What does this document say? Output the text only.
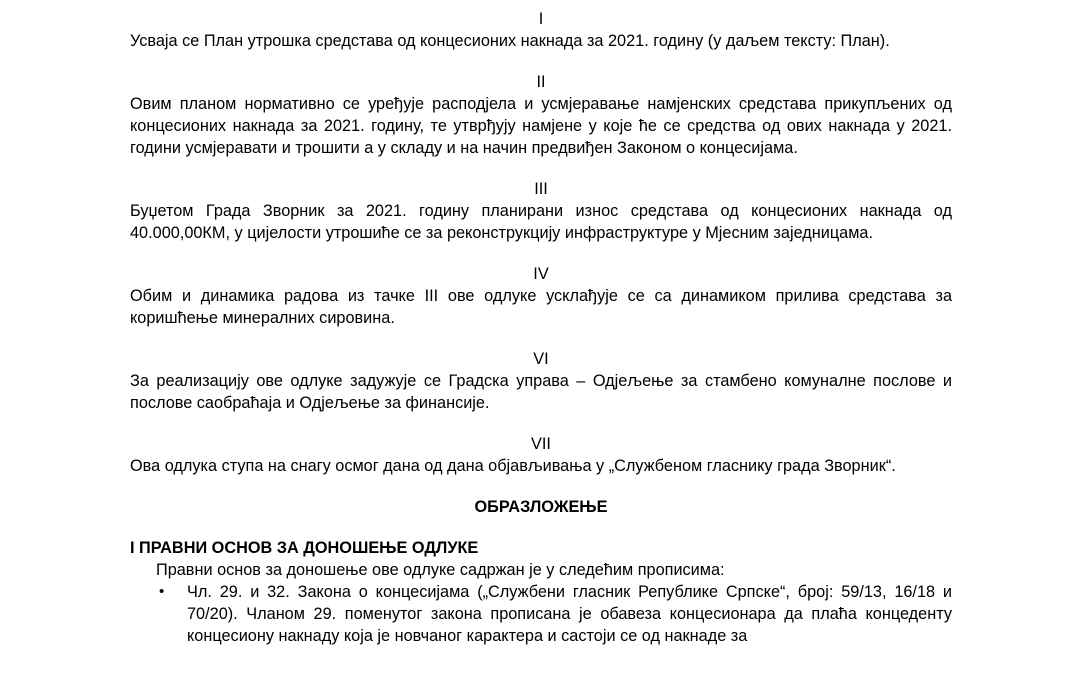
I
Усваја се План утрошка средстава од концесионих накнада за 2021. годину (у даљем тексту: План).
II
Овим планом нормативно се уређује расподјела и усмјеравање намјенских средстава прикупљених од концесионих накнада за 2021. годину, те утврђују намјене у које ће се средства од ових накнада у 2021. години усмјеравати и трошити а у складу и на начин предвиђен Законом о концесијама.
III
Буџетом Града Зворник за 2021. годину планирани износ средстава од концесионих накнада од 40.000,00КМ, у цијелости утрошиће се за реконструкцију инфраструктуре у Мјесним заједницама.
IV
Обим и динамика радова из тачке III ове одлуке усклађује се са динамиком прилива средстава за коришћење минералних сировина.
VI
За реализацију ове одлуке задужује се Градска управа – Одјељење за стамбено комуналне послове и послове саобраћаја и Одјељење за финансије.
VII
Ова одлука ступа на снагу осмог дана од дана објављивања у „Службеном гласнику града Зворник“.
ОБРАЗЛОЖЕЊЕ
I ПРАВНИ ОСНОВ ЗА ДОНОШЕЊЕ ОДЛУКЕ
Правни основ за доношење ове одлуке садржан је у следећим прописима:
• Чл. 29. и 32. Закона о концесијама („Службени гласник Републике Српске“, број: 59/13, 16/18 и 70/20). Чланом 29. поменутог закона прописана је обавеза концесионара да плаћа концеденту концесиону накнаду која је новчаног карактера и састоји се од накнаде за
